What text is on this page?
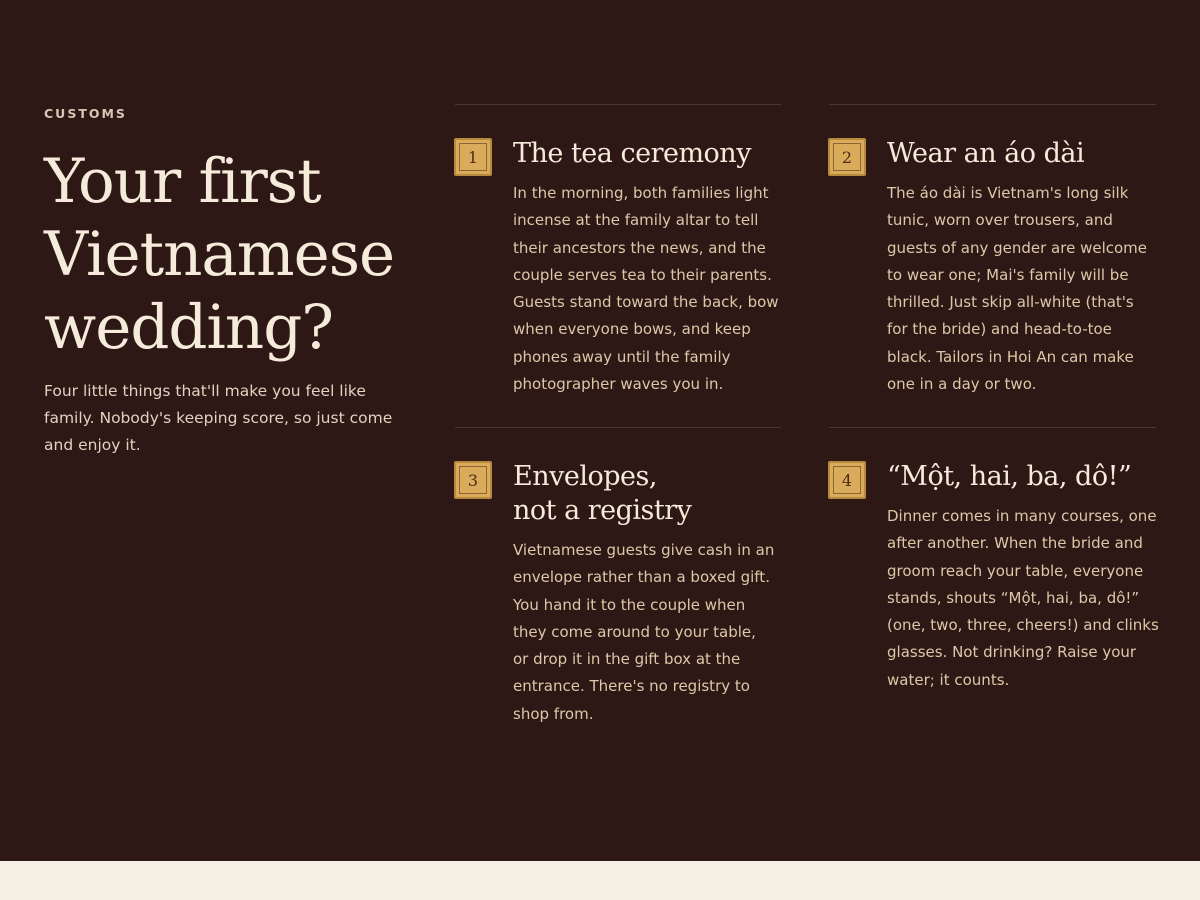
CUSTOMS
Your first Vietnamese wedding?

Four little things that'll make you feel like family. Nobody's keeping score, so just come and enjoy it.

1	The tea ceremony

In the morning, both families light incense at the family altar to tell their ancestors the news, and the couple serves tea to their parents. Guests stand toward the back, bow when everyone bows, and keep phones away until the family photographer waves you in.

2	Wear an áo dài

The áo dài is Vietnam's long silk tunic, worn over trousers, and guests of any gender are welcome to wear one; Mai's family will be thrilled. Just skip all-white (that's for the bride) and head-to-toe black. Tailors in Hoi An can make one in a day or two.

3	Envelopes, not a registry

Vietnamese guests give cash in an envelope rather than a boxed gift. You hand it to the couple when they come around to your table, or drop it in the gift box at the entrance. There's no registry to shop from.

4	“Một, hai, ba, dô!”

Dinner comes in many courses, one after another. When the bride and groom reach your table, everyone stands, shouts “Một, hai, ba, dô!” (one, two, three, cheers!) and clinks glasses. Not drinking? Raise your water; it counts.
